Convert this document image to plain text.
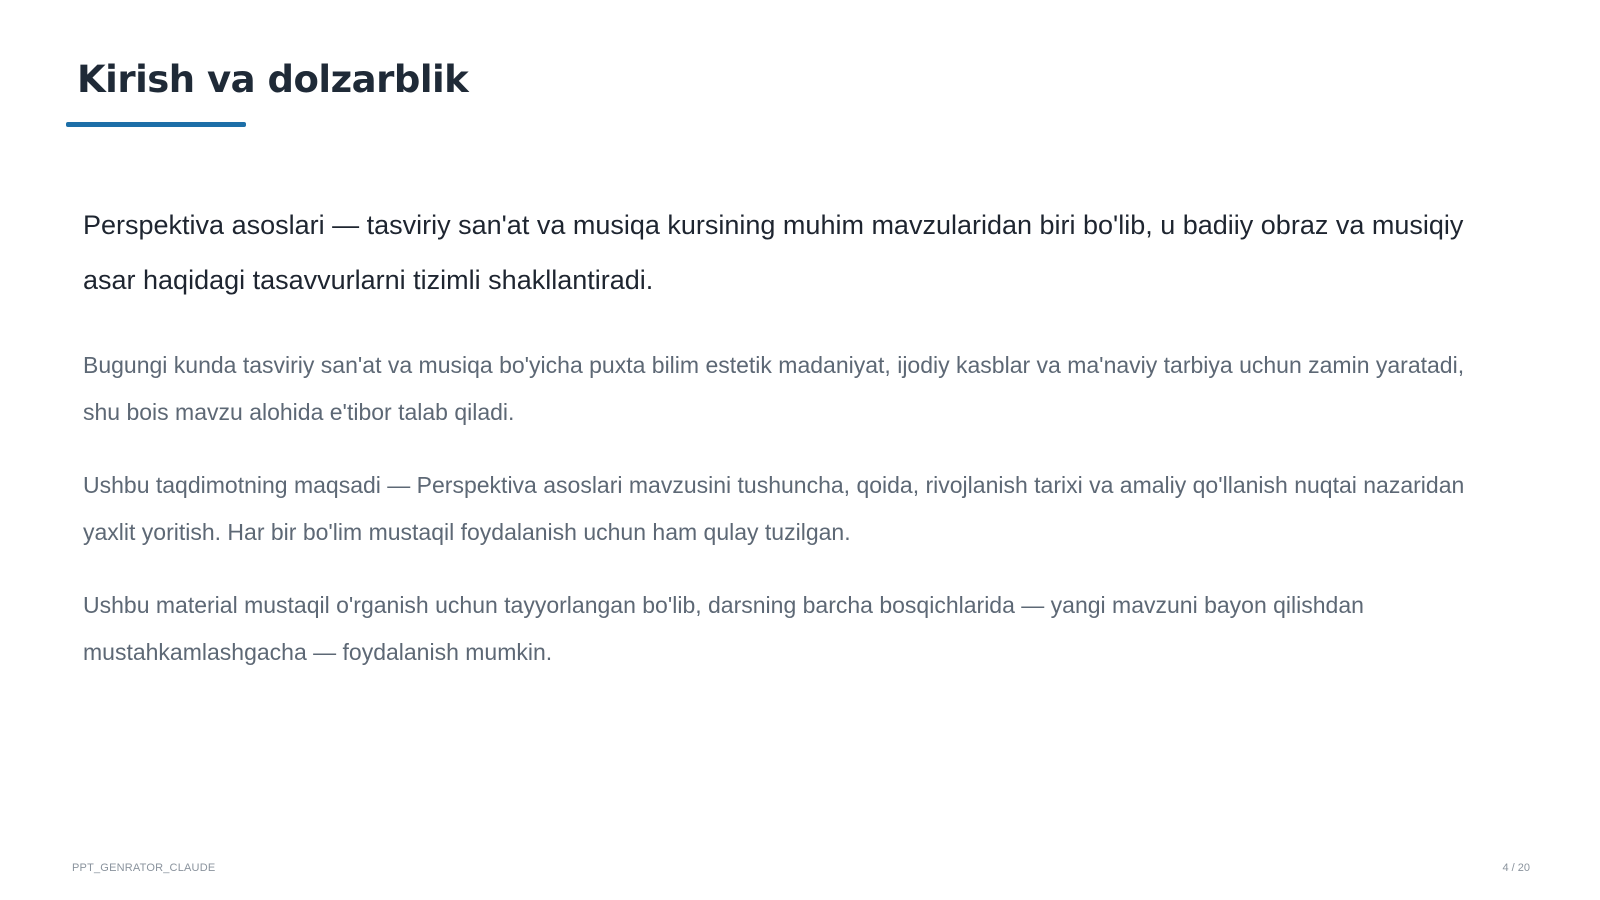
Kirish va dolzarblik

Perspektiva asoslari — tasviriy san'at va musiqa kursining muhim mavzularidan biri bo'lib, u badiiy obraz va musiqiy asar haqidagi tasavvurlarni tizimli shakllantiradi.

Bugungi kunda tasviriy san'at va musiqa bo'yicha puxta bilim estetik madaniyat, ijodiy kasblar va ma'naviy tarbiya uchun zamin yaratadi, shu bois mavzu alohida e'tibor talab qiladi.

Ushbu taqdimotning maqsadi — Perspektiva asoslari mavzusini tushuncha, qoida, rivojlanish tarixi va amaliy qo'llanish nuqtai nazaridan yaxlit yoritish. Har bir bo'lim mustaqil foydalanish uchun ham qulay tuzilgan.

Ushbu material mustaqil o'rganish uchun tayyorlangan bo'lib, darsning barcha bosqichlarida — yangi mavzuni bayon qilishdan mustahkamlashgacha — foydalanish mumkin.

PPT_GENRATOR_CLAUDE	4 / 20
